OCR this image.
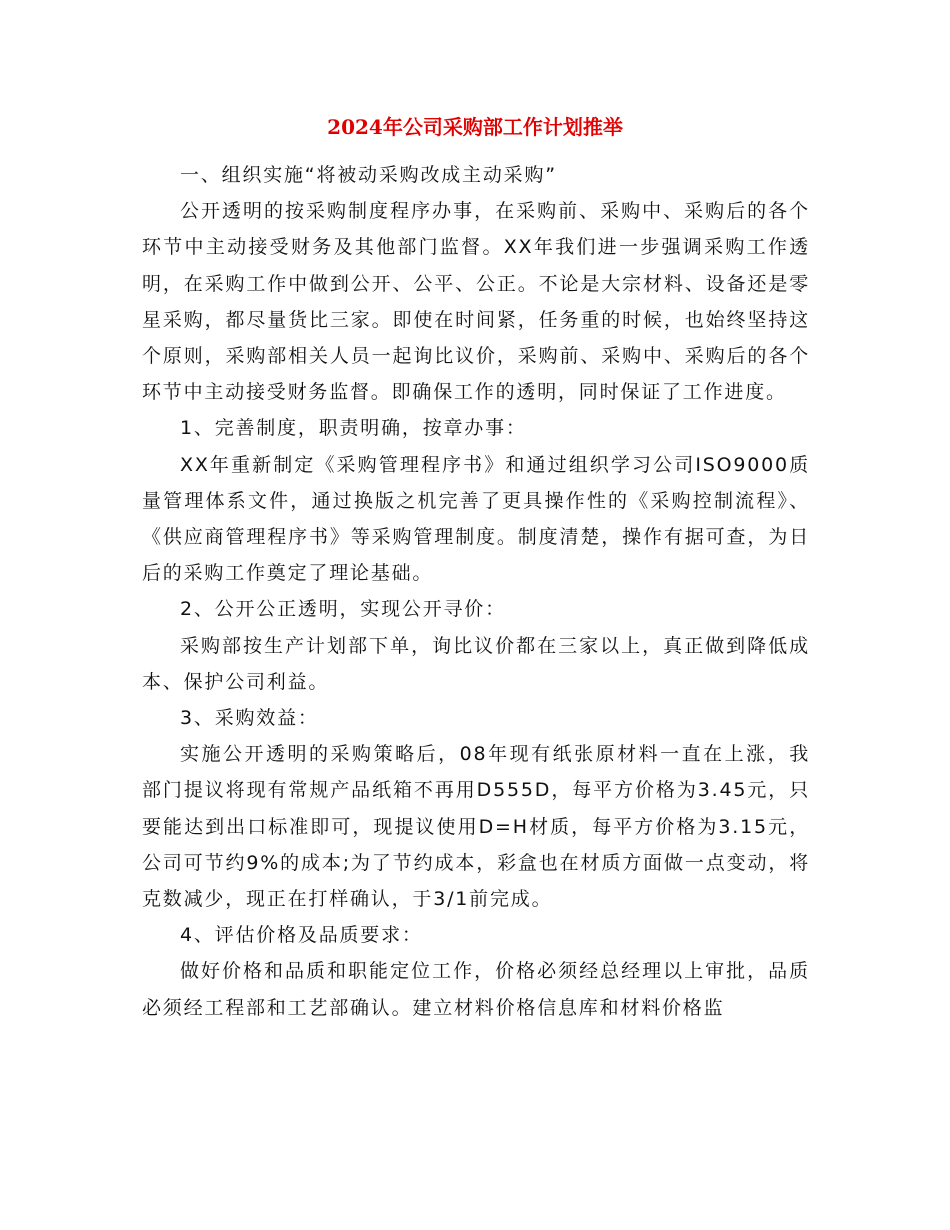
2024年公司采购部工作计划推举

一、组织实施“将被动采购改成主动采购”

公开透明的按采购制度程序办事，在采购前、采购中、采购后的各个环节中主动接受财务及其他部门监督。XX年我们进一步强调采购工作透明，在采购工作中做到公开、公平、公正。不论是大宗材料、设备还是零星采购，都尽量货比三家。即使在时间紧，任务重的时候，也始终坚持这个原则，采购部相关人员一起询比议价，采购前、采购中、采购后的各个环节中主动接受财务监督。即确保工作的透明，同时保证了工作进度。

1、完善制度，职责明确，按章办事：

XX年重新制定《采购管理程序书》和通过组织学习公司ISO9000质量管理体系文件，通过换版之机完善了更具操作性的《采购控制流程》、《供应商管理程序书》等采购管理制度。制度清楚，操作有据可查，为日后的采购工作奠定了理论基础。

2、公开公正透明，实现公开寻价：

采购部按生产计划部下单，询比议价都在三家以上，真正做到降低成本、保护公司利益。

3、采购效益：

实施公开透明的采购策略后，08年现有纸张原材料一直在上涨，我部门提议将现有常规产品纸箱不再用D555D，每平方价格为3.45元，只要能达到出口标准即可，现提议使用D=H材质，每平方价格为3.15元，公司可节约9%的成本;为了节约成本，彩盒也在材质方面做一点变动，将克数减少，现正在打样确认，于3/1前完成。

4、评估价格及品质要求：

做好价格和品质和职能定位工作，价格必须经总经理以上审批，品质必须经工程部和工艺部确认。建立材料价格信息库和材料价格监
